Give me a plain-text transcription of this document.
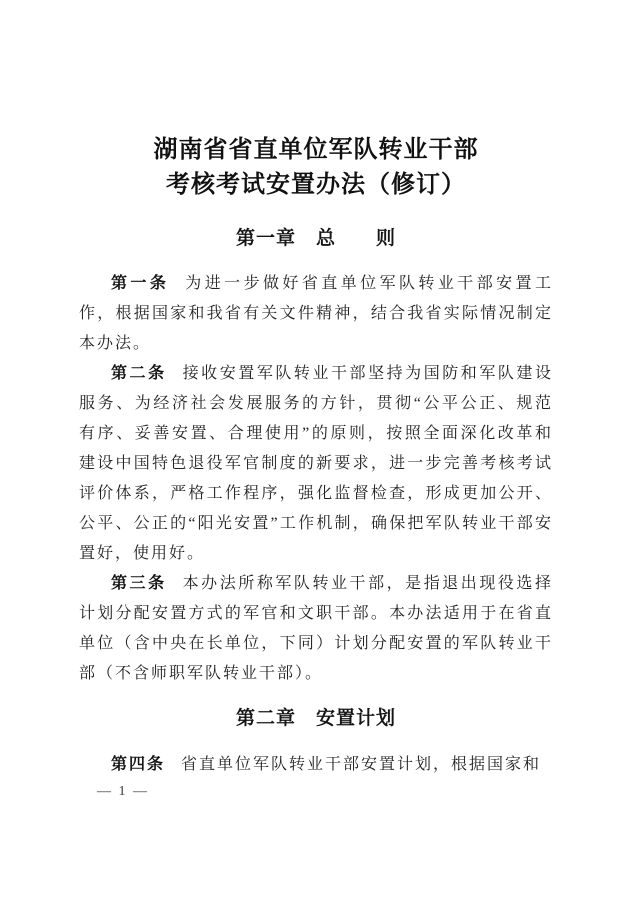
湖南省省直单位军队转业干部
考核考试安置办法（修订）
第一章　总　　则

第一条 为进一步做好省直单位军队转业干部安置工作，根据国家和我省有关文件精神，结合我省实际情况制定本办法。

第二条 接收安置军队转业干部坚持为国防和军队建设服务、为经济社会发展服务的方针，贯彻“公平公正、规范有序、妥善安置、合理使用”的原则，按照全面深化改革和建设中国特色退役军官制度的新要求，进一步完善考核考试评价体系，严格工作程序，强化监督检查，形成更加公开、公平、公正的“阳光安置”工作机制，确保把军队转业干部安置好，使用好。

第三条 本办法所称军队转业干部，是指退出现役选择计划分配安置方式的军官和文职干部。本办法适用于在省直单位（含中央在长单位，下同）计划分配安置的军队转业干部（不含师职军队转业干部）。

第二章　安置计划

第四条 省直单位军队转业干部安置计划，根据国家和

— 1 —
